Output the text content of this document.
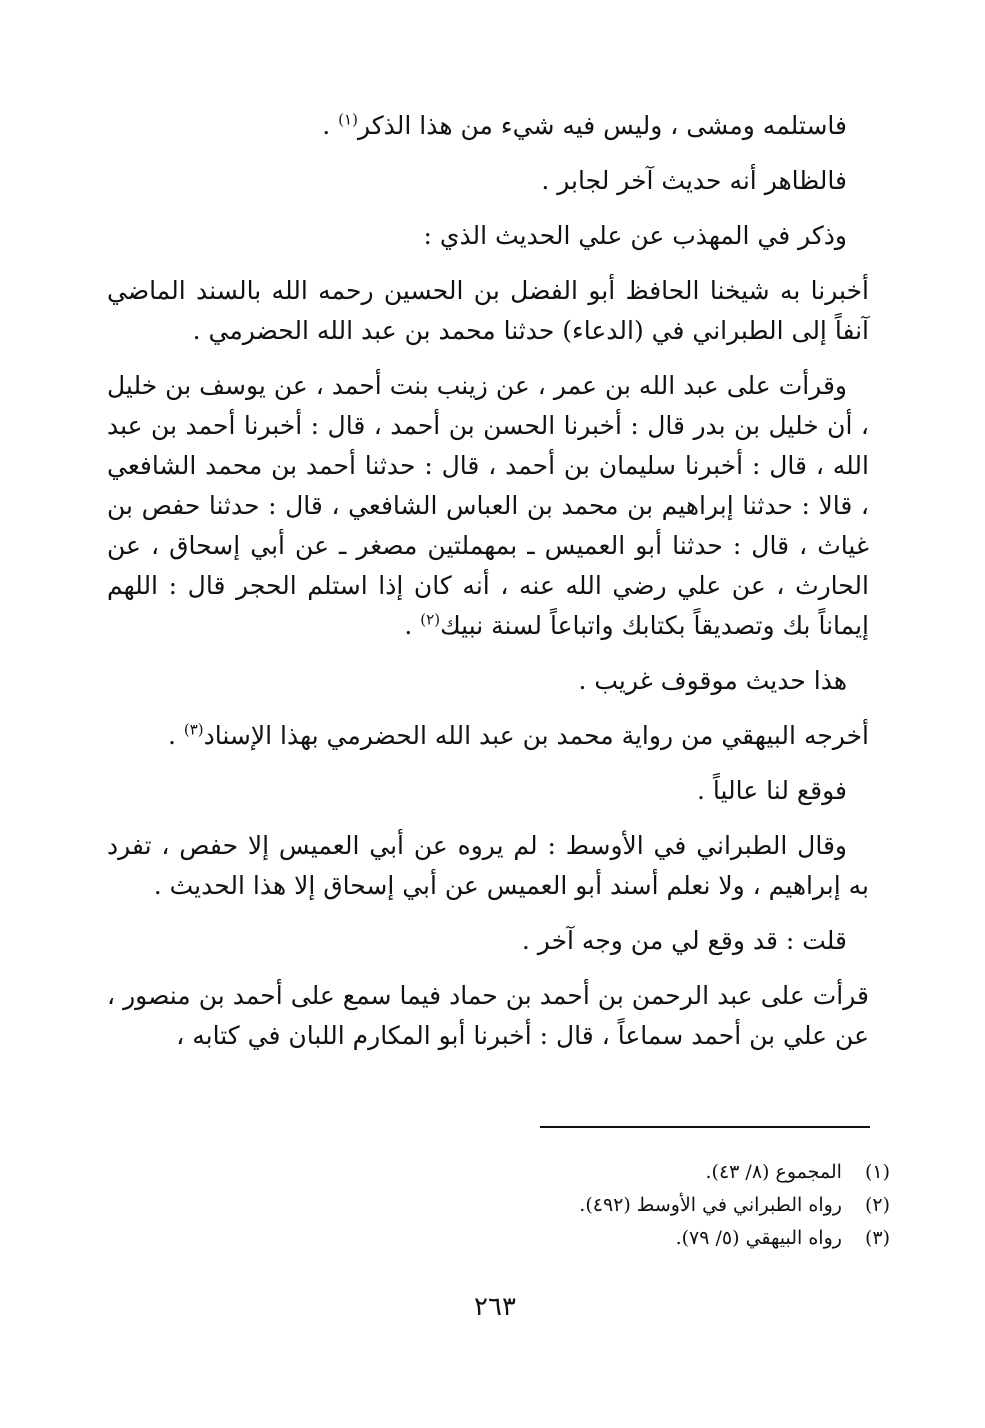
فاستلمه ومشى ، وليس فيه شيء من هذا الذكر$^{(١)}$ .

فالظاهر أنه حديث آخر لجابر .

وذكر في المهذب عن علي الحديث الذي :

أخبرنا به شيخنا الحافظ أبو الفضل بن الحسين رحمه الله بالسند الماضي آنفاً إلى الطبراني في (الدعاء) حدثنا محمد بن عبد الله الحضرمي .

وقرأت على عبد الله بن عمر ، عن زينب بنت أحمد ، عن يوسف بن خليل ، أن خليل بن بدر قال : أخبرنا الحسن بن أحمد ، قال : أخبرنا أحمد بن عبد الله ، قال : أخبرنا سليمان بن أحمد ، قال : حدثنا أحمد بن محمد الشافعي ، قالا : حدثنا إبراهيم بن محمد بن العباس الشافعي ، قال : حدثنا حفص بن غياث ، قال : حدثنا أبو العميس ـ بمهملتين مصغر ـ عن أبي إسحاق ، عن الحارث ، عن علي رضي الله عنه ، أنه كان إذا استلم الحجر قال : اللهم إيماناً بك وتصديقاً بكتابك واتباعاً لسنة نبيك$^{(٢)}$ .

هذا حديث موقوف غريب .

أخرجه البيهقي من رواية محمد بن عبد الله الحضرمي بهذا الإسناد$^{(٣)}$ .

فوقع لنا عالياً .

وقال الطبراني في الأوسط : لم يروه عن أبي العميس إلا حفص ، تفرد به إبراهيم ، ولا نعلم أسند أبو العميس عن أبي إسحاق إلا هذا الحديث .

قلت : قد وقع لي من وجه آخر .

قرأت على عبد الرحمن بن أحمد بن حماد فيما سمع على أحمد بن منصور ، عن علي بن أحمد سماعاً ، قال : أخبرنا أبو المكارم اللبان في كتابه ،

(١) المجموع (٨/ ٤٣).

(٢) رواه الطبراني في الأوسط (٤٩٢).

(٣) رواه البيهقي (٥/ ٧٩).

٢٦٣
